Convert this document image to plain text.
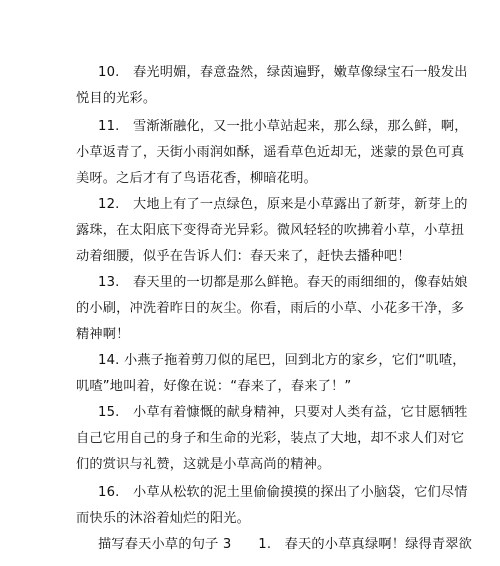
10.　春光明媚，春意盎然，绿茵遍野，嫩草像绿宝石一般发出
悦目的光彩。
11.　雪渐渐融化，又一批小草站起来，那么绿，那么鲜，啊，
小草返青了，天街小雨润如酥，遥看草色近却无，迷蒙的景色可真
美呀。之后才有了鸟语花香，柳暗花明。
12.　大地上有了一点绿色，原来是小草露出了新芽，新芽上的
露珠，在太阳底下变得奇光异彩。微风轻轻的吹拂着小草，小草扭
动着细腰，似乎在告诉人们：春天来了，赶快去播种吧！
13.　春天里的一切都是那么鲜艳。春天的雨细细的，像春姑娘
的小刷，冲洗着昨日的灰尘。你看，雨后的小草、小花多干净，多
精神啊！
14. 小燕子拖着剪刀似的尾巴，回到北方的家乡，它们“叽喳，
叽喳”地叫着，好像在说：“春来了，春来了！”
15.　小草有着慷慨的献身精神，只要对人类有益，它甘愿牺牲
自己它用自己的身子和生命的光彩，装点了大地，却不求人们对它
们的赏识与礼赞，这就是小草高尚的精神。
16.　小草从松软的泥土里偷偷摸摸的探出了小脑袋，它们尽情
而快乐的沐浴着灿烂的阳光。
描写春天小草的句子 3　　1.　春天的小草真绿啊！绿得青翠欲
